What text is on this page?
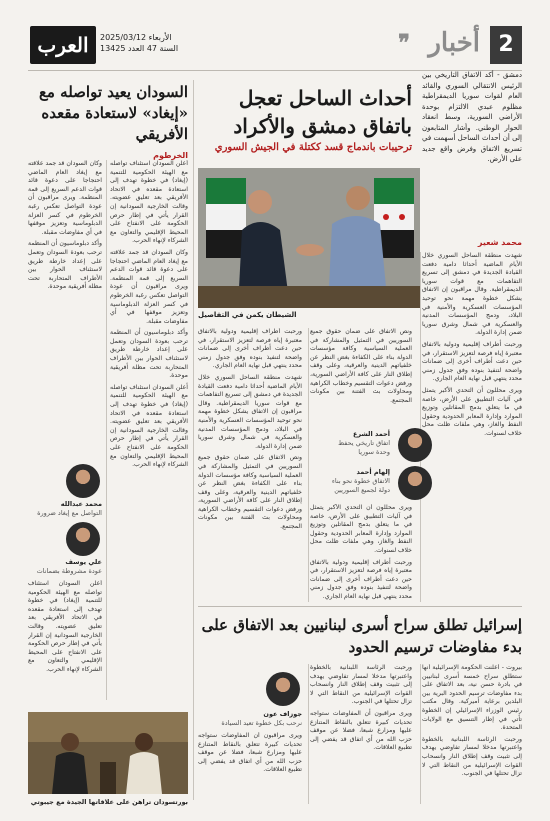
2
أخبار
❞
الأربعاء 2025/03/12
السنة 47 العدد 13425
العرب
دمشق - أكد الاتفاق التاريخي بين الرئيس الانتقالي السوري والقائد العام لقوات سوريا الديمقراطية مظلوم عبدي الالتزام بوحدة الأراضي السورية، وسط انعقاد الحوار الوطني. وأشار المتابعون إلى أن أحداث الساحل أسهمت في تسريع الاتفاق وفرض واقع جديد على الأرض.
محمد شعير
أحداث الساحل تعجل باتفاق دمشق والأكراد
ترحيبات باندماج قسد ككتلة في الجيش السوري
الشيطان يكمن في التفاصيل

شهدت منطقة الساحل السوري خلال الأيام الماضية أحداثا دامية دفعت القيادة الجديدة في دمشق إلى تسريع التفاهمات مع قوات سوريا الديمقراطية. وقال مراقبون إن الاتفاق يشكل خطوة مهمة نحو توحيد المؤسسات العسكرية والأمنية في البلاد، ودمج المؤسسات المدنية والعسكرية في شمال وشرق سوريا ضمن إدارة الدولة.

ورحبت أطراف إقليمية ودولية بالاتفاق معتبرة إياه فرصة لتعزيز الاستقرار، في حين دعت أطراف أخرى إلى ضمانات واضحة لتنفيذ بنوده وفق جدول زمني محدد ينتهي قبل نهاية العام الجاري.

ويرى محللون أن التحدي الأكبر يتمثل في آليات التطبيق على الأرض، خاصة في ما يتعلق بدمج المقاتلين وتوزيع الموارد وإدارة المعابر الحدودية وحقول النفط والغاز، وهي ملفات ظلت محل خلاف لسنوات.

ونص الاتفاق على ضمان حقوق جميع السوريين في التمثيل والمشاركة في العملية السياسية وكافة مؤسسات الدولة بناء على الكفاءة بغض النظر عن خلفياتهم الدينية والعرقية، وعلى وقف إطلاق النار على كافة الأراضي السورية، ورفض دعوات التقسيم وخطاب الكراهية ومحاولات بث الفتنة بين مكونات المجتمع.

أحمد الشرع
اتفاق تاريخي يحفظ وحدة سوريا
إلهام أحمد
الاتفاق خطوة نحو بناء دولة لجميع السوريين

ويرى محللون أن التحدي الأكبر يتمثل في آليات التطبيق على الأرض، خاصة في ما يتعلق بدمج المقاتلين وتوزيع الموارد وإدارة المعابر الحدودية وحقول النفط والغاز، وهي ملفات ظلت محل خلاف لسنوات.

ورحبت أطراف إقليمية ودولية بالاتفاق معتبرة إياه فرصة لتعزيز الاستقرار، في حين دعت أطراف أخرى إلى ضمانات واضحة لتنفيذ بنوده وفق جدول زمني محدد ينتهي قبل نهاية العام الجاري.

ورحبت أطراف إقليمية ودولية بالاتفاق معتبرة إياه فرصة لتعزيز الاستقرار، في حين دعت أطراف أخرى إلى ضمانات واضحة لتنفيذ بنوده وفق جدول زمني محدد ينتهي قبل نهاية العام الجاري.

شهدت منطقة الساحل السوري خلال الأيام الماضية أحداثا دامية دفعت القيادة الجديدة في دمشق إلى تسريع التفاهمات مع قوات سوريا الديمقراطية. وقال مراقبون إن الاتفاق يشكل خطوة مهمة نحو توحيد المؤسسات العسكرية والأمنية في البلاد، ودمج المؤسسات المدنية والعسكرية في شمال وشرق سوريا ضمن إدارة الدولة.

ونص الاتفاق على ضمان حقوق جميع السوريين في التمثيل والمشاركة في العملية السياسية وكافة مؤسسات الدولة بناء على الكفاءة بغض النظر عن خلفياتهم الدينية والعرقية، وعلى وقف إطلاق النار على كافة الأراضي السورية، ورفض دعوات التقسيم وخطاب الكراهية ومحاولات بث الفتنة بين مكونات المجتمع.

السودان يعيد تواصله مع «إيغاد» لاستعادة مقعده الأفريقي
الخرطوم

أعلن السودان استئناف تواصله مع الهيئة الحكومية للتنمية (إيغاد) في خطوة تهدف إلى استعادة مقعده في الاتحاد الأفريقي بعد تعليق عضويته. وقالت الخارجية السودانية إن القرار يأتي في إطار حرص الحكومة على الانفتاح على المحيط الإقليمي والتعاون مع الشركاء لإنهاء الحرب.

وكان السودان قد جمد علاقته مع إيغاد العام الماضي احتجاجا على دعوة قائد قوات الدعم السريع إلى قمة المنظمة. ويرى مراقبون أن عودة التواصل تعكس رغبة الخرطوم في كسر العزلة الدبلوماسية وتعزيز موقفها في أي مفاوضات مقبلة.

وأكد دبلوماسيون أن المنظمة ترحب بعودة السودان وتعمل على إعداد خارطة طريق لاستئناف الحوار بين الأطراف المتحاربة تحت مظلة أفريقية موحدة.

أعلن السودان استئناف تواصله مع الهيئة الحكومية للتنمية (إيغاد) في خطوة تهدف إلى استعادة مقعده في الاتحاد الأفريقي بعد تعليق عضويته. وقالت الخارجية السودانية إن القرار يأتي في إطار حرص الحكومة على الانفتاح على المحيط الإقليمي والتعاون مع الشركاء لإنهاء الحرب.

وكان السودان قد جمد علاقته مع إيغاد العام الماضي احتجاجا على دعوة قائد قوات الدعم السريع إلى قمة المنظمة. ويرى مراقبون أن عودة التواصل تعكس رغبة الخرطوم في كسر العزلة الدبلوماسية وتعزيز موقفها في أي مفاوضات مقبلة.

وأكد دبلوماسيون أن المنظمة ترحب بعودة السودان وتعمل على إعداد خارطة طريق لاستئناف الحوار بين الأطراف المتحاربة تحت مظلة أفريقية موحدة.

محمد عبدالله
التواصل مع إيغاد ضرورة
علي يوسف
عودة مشروطة بضمانات

أعلن السودان استئناف تواصله مع الهيئة الحكومية للتنمية (إيغاد) في خطوة تهدف إلى استعادة مقعده في الاتحاد الأفريقي بعد تعليق عضويته. وقالت الخارجية السودانية إن القرار يأتي في إطار حرص الحكومة على الانفتاح على المحيط الإقليمي والتعاون مع الشركاء لإنهاء الحرب.

بورتسودان تراهن على علاقاتها الجيدة مع جيبوتي
إسرائيل تطلق سراح أسرى لبنانيين بعد الاتفاق على بدء مفاوضات ترسيم الحدود

بيروت - أعلنت الحكومة الإسرائيلية أنها ستطلق سراح خمسة أسرى لبنانيين في بادرة حسن نية، بعد الاتفاق على بدء مفاوضات ترسيم الحدود البرية بين البلدين برعاية أميركية. وقال مكتب رئيس الوزراء الإسرائيلي إن الخطوة تأتي في إطار التنسيق مع الولايات المتحدة.

ورحبت الرئاسة اللبنانية بالخطوة واعتبرتها مدخلا لمسار تفاوضي يهدف إلى تثبيت وقف إطلاق النار وانسحاب القوات الإسرائيلية من النقاط التي لا تزال تحتلها في الجنوب.

ورحبت الرئاسة اللبنانية بالخطوة واعتبرتها مدخلا لمسار تفاوضي يهدف إلى تثبيت وقف إطلاق النار وانسحاب القوات الإسرائيلية من النقاط التي لا تزال تحتلها في الجنوب.

ويرى مراقبون أن المفاوضات ستواجه تحديات كبيرة تتعلق بالنقاط المتنازع عليها ومزارع شبعا، فضلا عن موقف حزب الله من أي اتفاق قد يفضي إلى تطبيع العلاقات.

جوزاف عون
نرحب بكل خطوة تعيد السيادة

ويرى مراقبون أن المفاوضات ستواجه تحديات كبيرة تتعلق بالنقاط المتنازع عليها ومزارع شبعا، فضلا عن موقف حزب الله من أي اتفاق قد يفضي إلى تطبيع العلاقات.
